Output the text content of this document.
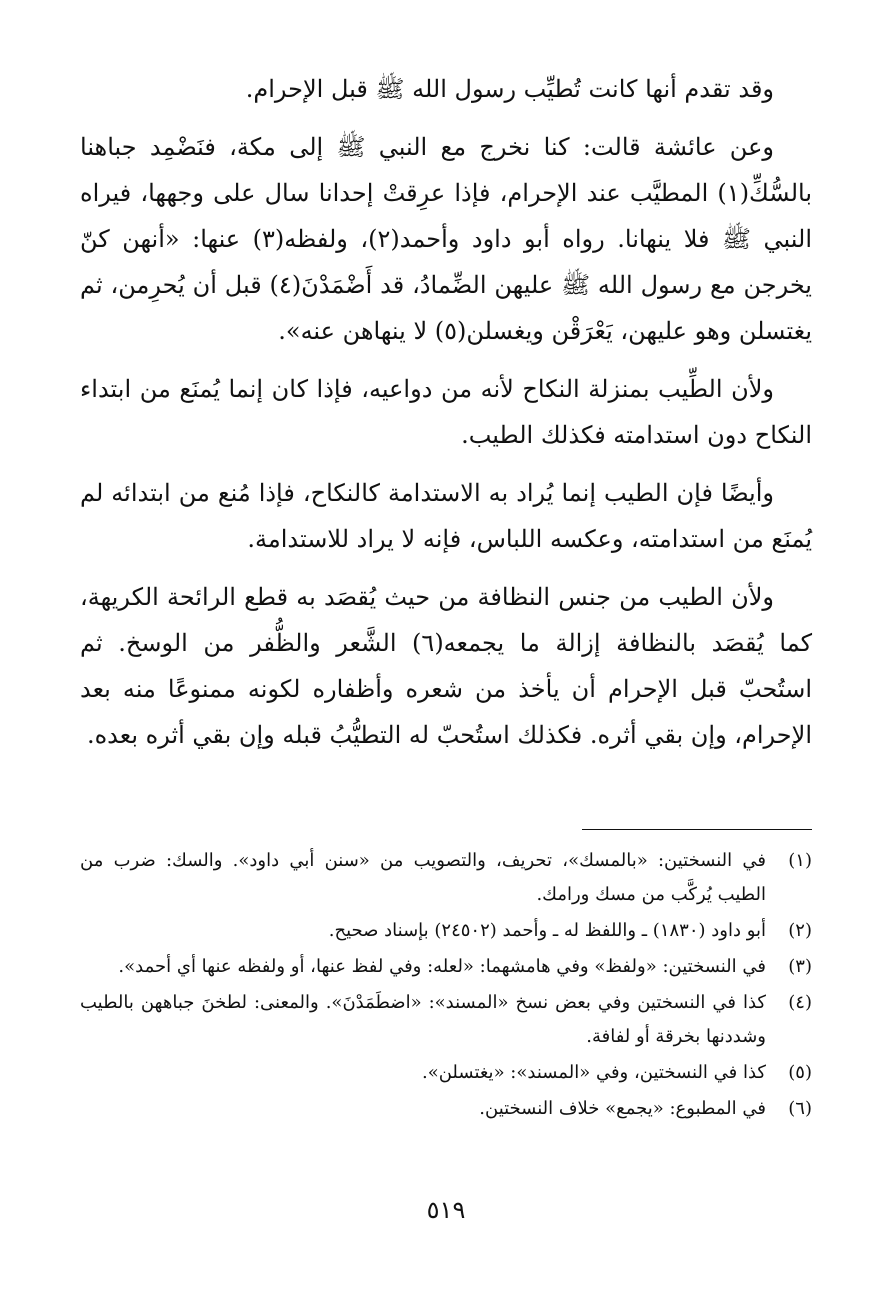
وقد تقدم أنها كانت تُطيِّب رسول الله ﷺ قبل الإحرام.

وعن عائشة قالت: كنا نخرج مع النبي ﷺ إلى مكة، فنَضْمِد جباهنا بالسُّكِّ(١) المطيَّب عند الإحرام، فإذا عرِقتْ إحدانا سال على وجهها، فيراه النبي ﷺ فلا ينهانا. رواه أبو داود وأحمد(٢)، ولفظه(٣) عنها: «أنهن كنّ يخرجن مع رسول الله ﷺ عليهن الضِّمادُ، قد أَضْمَدْنَ(٤) قبل أن يُحرِمن، ثم يغتسلن وهو عليهن، يَعْرَقْن ويغسلن(٥) لا ينهاهن عنه».

ولأن الطِّيب بمنزلة النكاح لأنه من دواعيه، فإذا كان إنما يُمنَع من ابتداء النكاح دون استدامته فكذلك الطيب.

وأيضًا فإن الطيب إنما يُراد به الاستدامة كالنكاح، فإذا مُنع من ابتدائه لم يُمنَع من استدامته، وعكسه اللباس، فإنه لا يراد للاستدامة.

ولأن الطيب من جنس النظافة من حيث يُقصَد به قطع الرائحة الكريهة، كما يُقصَد بالنظافة إزالة ما يجمعه(٦) الشَّعر والظُّفر من الوسخ. ثم استُحبّ قبل الإحرام أن يأخذ من شعره وأظفاره لكونه ممنوعًا منه بعد الإحرام، وإن بقي أثره. فكذلك استُحبّ له التطيُّبُ قبله وإن بقي أثره بعده.

(١)
في النسختين: «بالمسك»، تحريف، والتصويب من «سنن أبي داود». والسك: ضرب من الطيب يُركَّب من مسك ورامك.
(٢)
أبو داود (١٨٣٠) ـ واللفظ له ـ وأحمد (٢٤٥٠٢) بإسناد صحيح.
(٣)
في النسختين: «ولفظ» وفي هامشهما: «لعله: وفي لفظ عنها، أو ولفظه عنها أي أحمد».
(٤)
كذا في النسختين وفي بعض نسخ «المسند»: «اضطَمَدْنَ». والمعنى: لطخنَ جباههن بالطيب وشددنها بخرقة أو لفافة.
(٥)
كذا في النسختين، وفي «المسند»: «يغتسلن».
(٦)
في المطبوع: «يجمع» خلاف النسختين.
٥١٩
